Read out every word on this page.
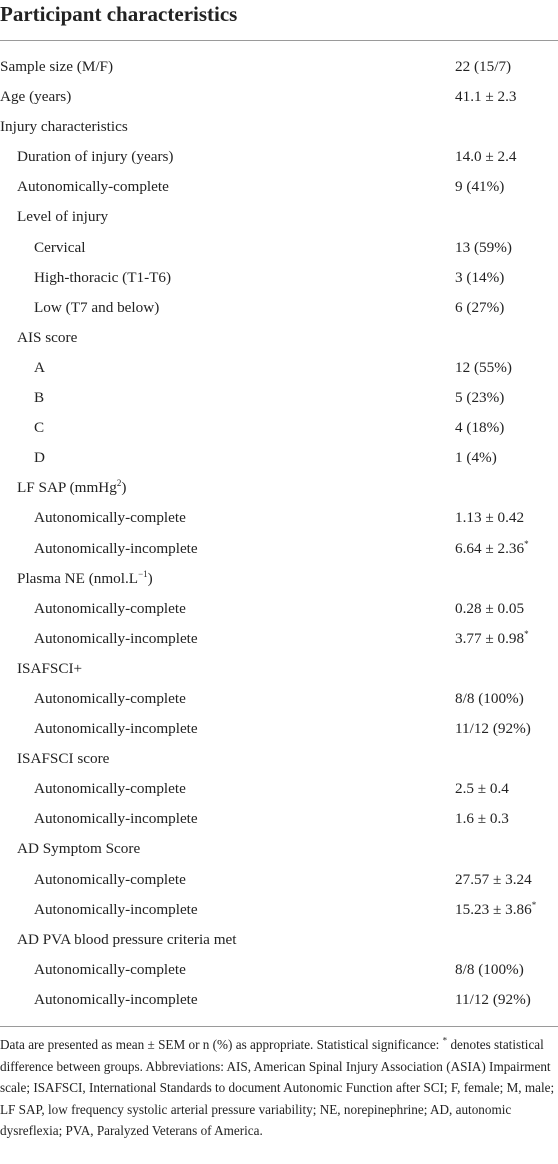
Participant characteristics
Sample size (M/F)	22 (15/7)
Age (years)	41.1 ± 2.3
Injury characteristics
Duration of injury (years)	14.0 ± 2.4
Autonomically-complete	9 (41%)
Level of injury
Cervical	13 (59%)
High-thoracic (T1-T6)	3 (14%)
Low (T7 and below)	6 (27%)
AIS score
A	12 (55%)
B	5 (23%)
C	4 (18%)
D	1 (4%)
LF SAP (mmHg$^2$)
Autonomically-complete	1.13 ± 0.42
Autonomically-incomplete	6.64 ± 2.36*
Plasma NE $(nmol.L^{-1})$
Autonomically-complete	0.28 ± 0.05
Autonomically-incomplete	3.77 ± 0.98*
ISAFSCI+
Autonomically-complete	8/8 (100%)
Autonomically-incomplete	11/12 (92%)
ISAFSCI score
Autonomically-complete	2.5 ± 0.4
Autonomically-incomplete	1.6 ± 0.3
AD Symptom Score
Autonomically-complete	27.57 ± 3.24
Autonomically-incomplete	15.23 ± 3.86*
AD PVA blood pressure criteria met
Autonomically-complete	8/8 (100%)
Autonomically-incomplete	11/12 (92%)

Data are presented as mean ± SEM or n (%) as appropriate. Statistical significance: * denotes statistical difference between groups. Abbreviations: AIS, American Spinal Injury Association (ASIA) Impairment scale; ISAFSCI, International Standards to document Autonomic Function after SCI; F, female; M, male; LF SAP, low frequency systolic arterial pressure variability; NE, norepinephrine; AD, autonomic dysreflexia; PVA, Paralyzed Veterans of America.
